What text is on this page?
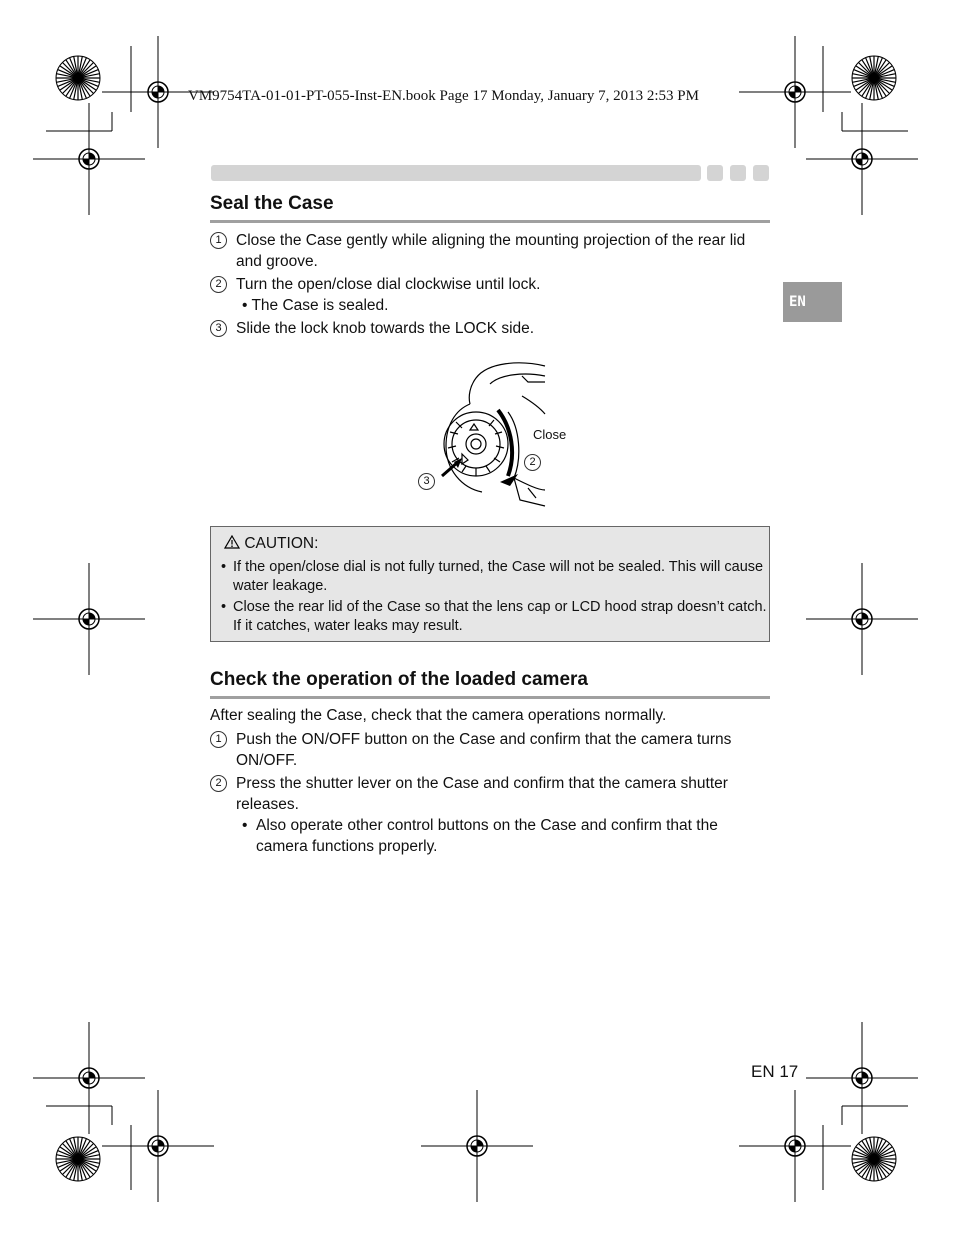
VM9754TA-01-01-PT-055-Inst-EN.book Page 17 Monday, January 7, 2013 2:53 PM
EN
Seal the Case
1 Close the Case gently while aligning the mounting projection of the rear lid and groove.
2 Turn the open/close dial clockwise until lock.
• The Case is sealed.
3 Slide the lock knob towards the LOCK side.
Close
2
3
CAUTION:
• If the open/close dial is not fully turned, the Case will not be sealed. This will cause water leakage.
• Close the rear lid of the Case so that the lens cap or LCD hood strap doesn’t catch. If it catches, water leaks may result.
Check the operation of the loaded camera
After sealing the Case, check that the camera operations normally.
1 Push the ON/OFF button on the Case and confirm that the camera turns ON/OFF.
2 Press the shutter lever on the Case and confirm that the camera shutter releases.
• Also operate other control buttons on the Case and confirm that the camera functions properly.
EN 17
